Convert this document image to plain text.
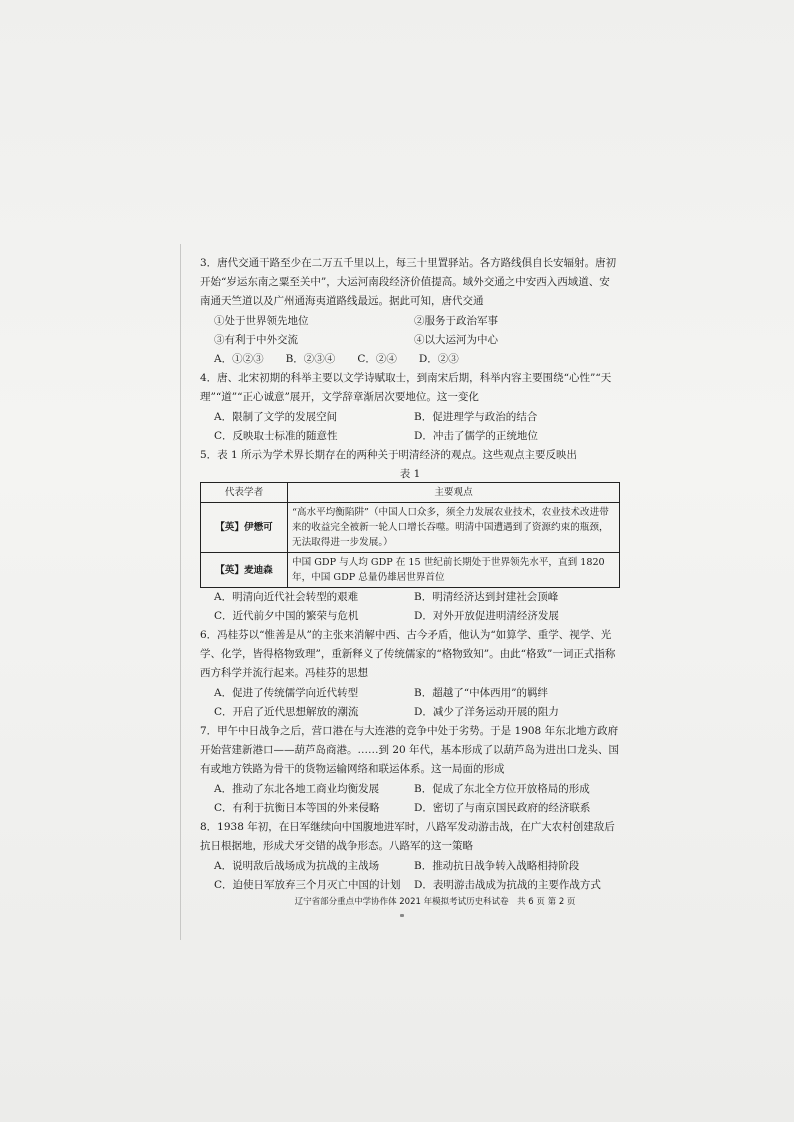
3．唐代交通干路至少在二万五千里以上，每三十里置驿站。各方路线俱自长安辐射。唐初开始“岁运东南之粟至关中”，大运河南段经济价值提高。域外交通之中安西入西域道、安南通天竺道以及广州通海夷道路线最远。据此可知，唐代交通

①处于世界领先地位	②服务于政治军事
③有利于中外交流	④以大运河为中心
A．①②③ B．②③④ C．②④ D．②③

4．唐、北宋初期的科举主要以文学诗赋取士，到南宋后期，科举内容主要围绕“心性”“天理”“道”“正心诚意”展开，文学辞章渐居次要地位。这一变化

A．限制了文学的发展空间	B．促进理学与政治的结合
C．反映取士标准的随意性	D．冲击了儒学的正统地位

5．表 1 所示为学术界长期存在的两种关于明清经济的观点。这些观点主要反映出

表 1
代表学者	主要观点
【英】伊懋可	“高水平均衡陷阱”（中国人口众多，须全力发展农业技术，农业技术改进带来的收益完全被新一轮人口增长吞噬。明清中国遭遇到了资源约束的瓶颈，无法取得进一步发展。）
【英】麦迪森	中国 GDP 与人均 GDP 在 15 世纪前长期处于世界领先水平，直到 1820 年，中国 GDP 总量仍雄居世界首位
A．明清向近代社会转型的艰难	B．明清经济达到封建社会顶峰
C．近代前夕中国的繁荣与危机	D．对外开放促进明清经济发展

6．冯桂芬以“惟善是从”的主张来消解中西、古今矛盾，他认为“如算学、重学、视学、光学、化学，皆得格物致理”，重新释义了传统儒家的“格物致知”。由此“格致”一词正式指称西方科学并流行起来。冯桂芬的思想

A．促进了传统儒学向近代转型	B．超越了“中体西用”的羁绊
C．开启了近代思想解放的潮流	D．减少了洋务运动开展的阻力

7．甲午中日战争之后，营口港在与大连港的竞争中处于劣势。于是 1908 年东北地方政府开始营建新港口——葫芦岛商港。……到 20 年代，基本形成了以葫芦岛为进出口龙头、国有或地方铁路为骨干的货物运输网络和联运体系。这一局面的形成

A．推动了东北各地工商业均衡发展	B．促成了东北全方位开放格局的形成
C．有利于抗衡日本等国的外来侵略	D．密切了与南京国民政府的经济联系

8．1938 年初，在日军继续向中国腹地进军时，八路军发动游击战，在广大农村创建敌后抗日根据地，形成犬牙交错的战争形态。八路军的这一策略

A．说明敌后战场成为抗战的主战场	B．推动抗日战争转入战略相持阶段
C．迫使日军放弃三个月灭亡中国的计划	D．表明游击战成为抗战的主要作战方式
辽宁省部分重点中学协作体 2021 年模拟考试历史科试卷　共 6 页 第 2 页
